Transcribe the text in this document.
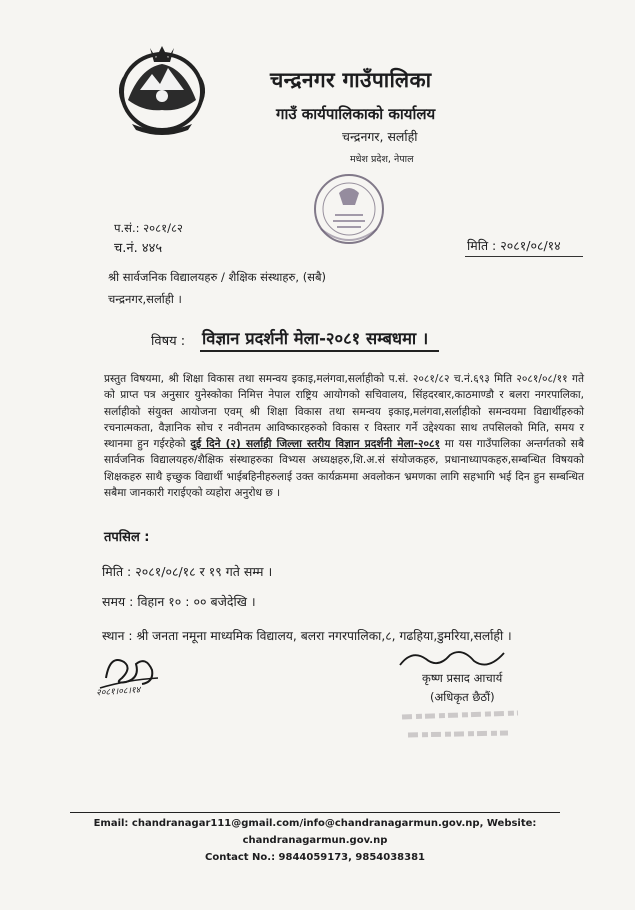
चन्द्रनगर गाउँपालिका
गाउँ कार्यपालिकाको कार्यालय
चन्द्रनगर, सर्लाही
मधेश प्रदेश, नेपाल
प.सं.: २०८१/८२
च.नं. ४४५	मिति : २०८१/०८/१४
श्री सार्वजनिक विद्यालयहरु / शैक्षिक संस्थाहरु, (सबै)
चन्द्रनगर,सर्लाही ।
विषय : विज्ञान प्रदर्शनी मेला-२०८१ सम्बधमा ।
प्रस्तुत विषयमा, श्री शिक्षा विकास तथा समन्वय इकाइ,मलंगवा,सर्लाहीको प.सं. २०८१/८२ च.नं.६९३ मिति २०८१/०८/११ गते को प्राप्त पत्र अनुसार युनेस्कोका निमित्त नेपाल राष्ट्रिय आयोगको सचिवालय, सिंहदरबार,काठमाण्डौ र बलरा नगरपालिका, सर्लाहीको संयुक्त आयोजना एवम् श्री शिक्षा विकास तथा समन्वय इकाइ,मलंगवा,सर्लाहीको समन्वयमा विद्यार्थीहरुको रचनात्मकता, वैज्ञानिक सोच र नवीनतम आविष्कारहरुको विकास र विस्तार गर्ने उद्देश्यका साथ तपसिलको मिति, समय र स्थानमा हुन गईरहेको दुई दिने (२) सर्लाही जिल्ला स्तरीय विज्ञान प्रदर्शनी मेला-२०८१ मा यस गाउँपालिका अन्तर्गतको सबै सार्वजनिक विद्यालयहरु/शैक्षिक संस्थाहरुका विभ्यस अध्यक्षहरु,शि.अ.सं संयोजकहरु, प्रधानाध्यापकहरु,सम्बन्धित विषयको शिक्षकहरु साथै इच्छुक विद्यार्थी भाईबहिनीहरुलाई उक्त कार्यक्रममा अवलोकन भ्रमणका लागि सहभागि भई दिन हुन सम्बन्धित सबैमा जानकारी गराईएको व्यहोरा अनुरोध छ ।
तपसिल :
मिति : २०८१/०८/१८ र १९ गते सम्म ।
समय : विहान १० : ०० बजेदेखि ।
स्थान : श्री जनता नमूना माध्यमिक विद्यालय, बलरा नगरपालिका,८, गढहिया,डुमरिया,सर्लाही ।
२०८१।०८।१४
कृष्ण प्रसाद आचार्य
(अधिकृत छैठौं)
Email: chandranagar111@gmail.com/info@chandranagarmun.gov.np, Website:
chandranagarmun.gov.np
Contact No.: 9844059173, 9854038381
